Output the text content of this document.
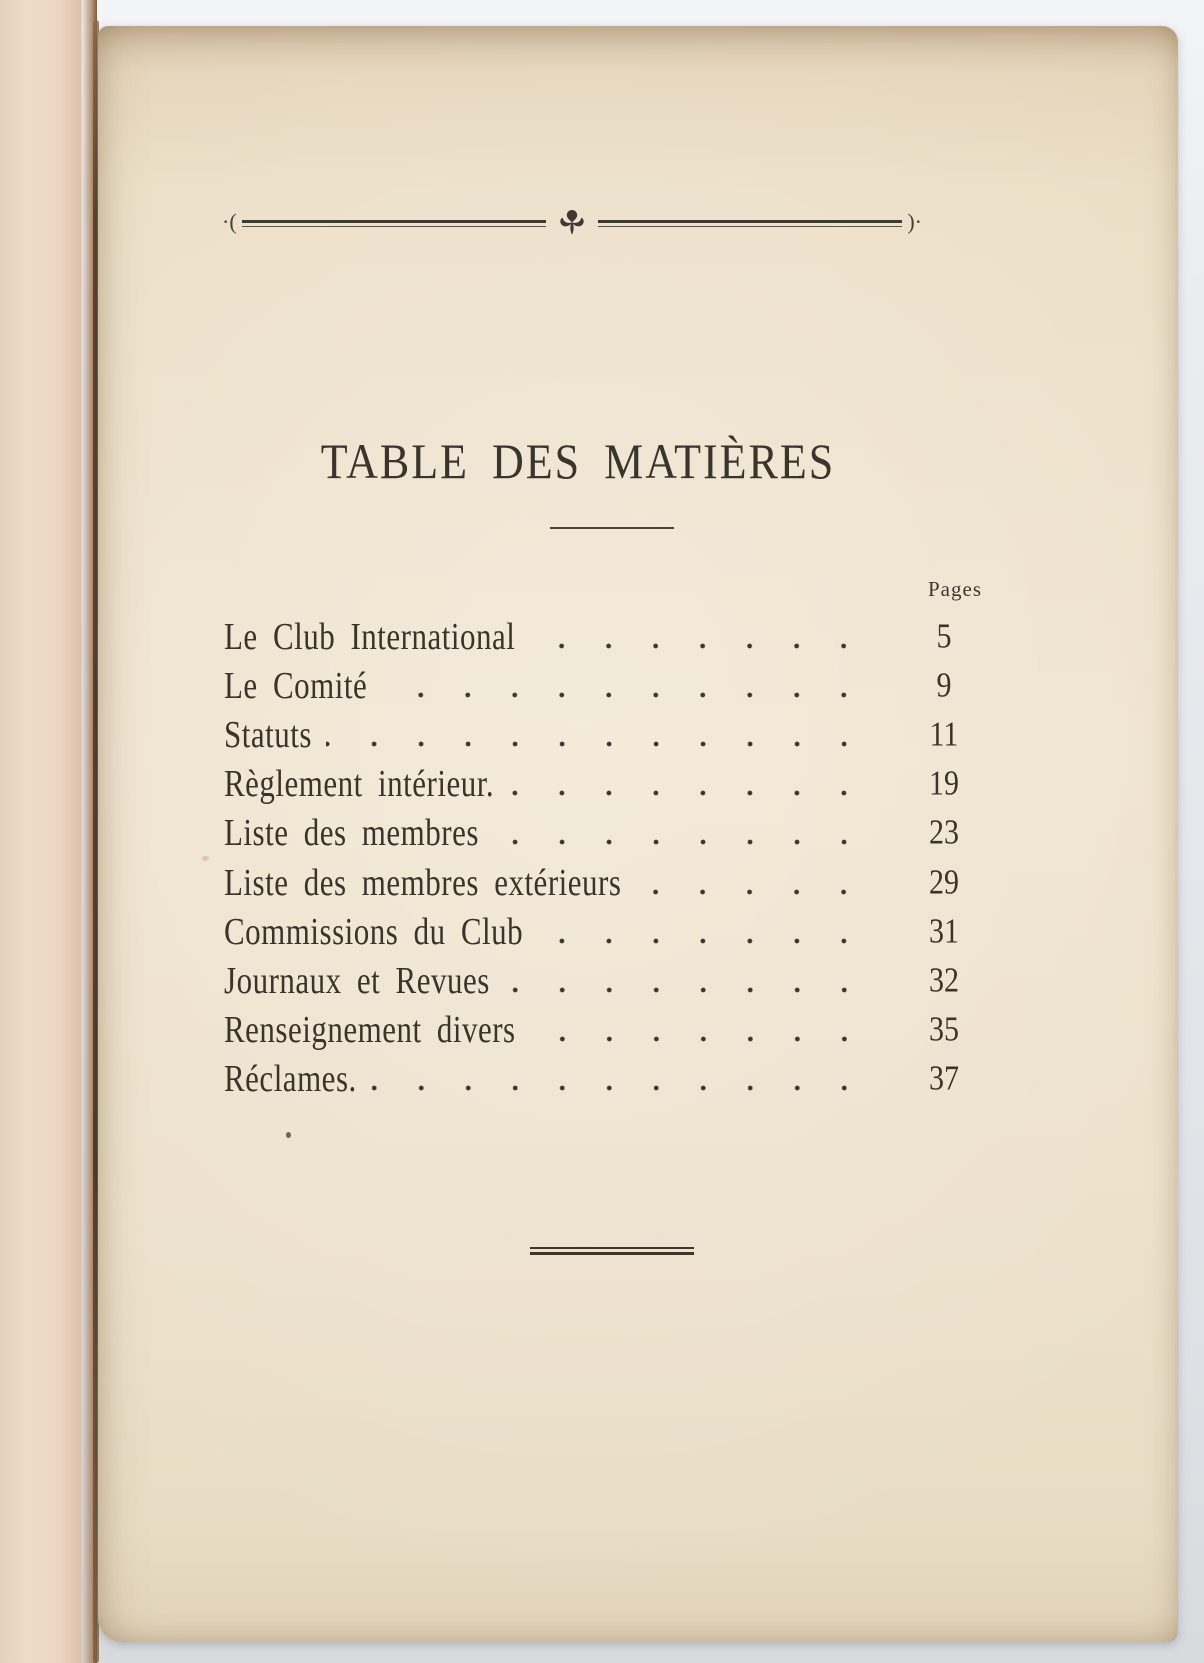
·(	)·
TABLE DES MATIÈRES
Pages
Le Club International	5
Le Comité	9
Statuts	11
Règlement intérieur.	19
Liste des membres	23
Liste des membres extérieurs	29
Commissions du Club	31
Journaux et Revues	32
Renseignement divers	35
Réclames.	37
